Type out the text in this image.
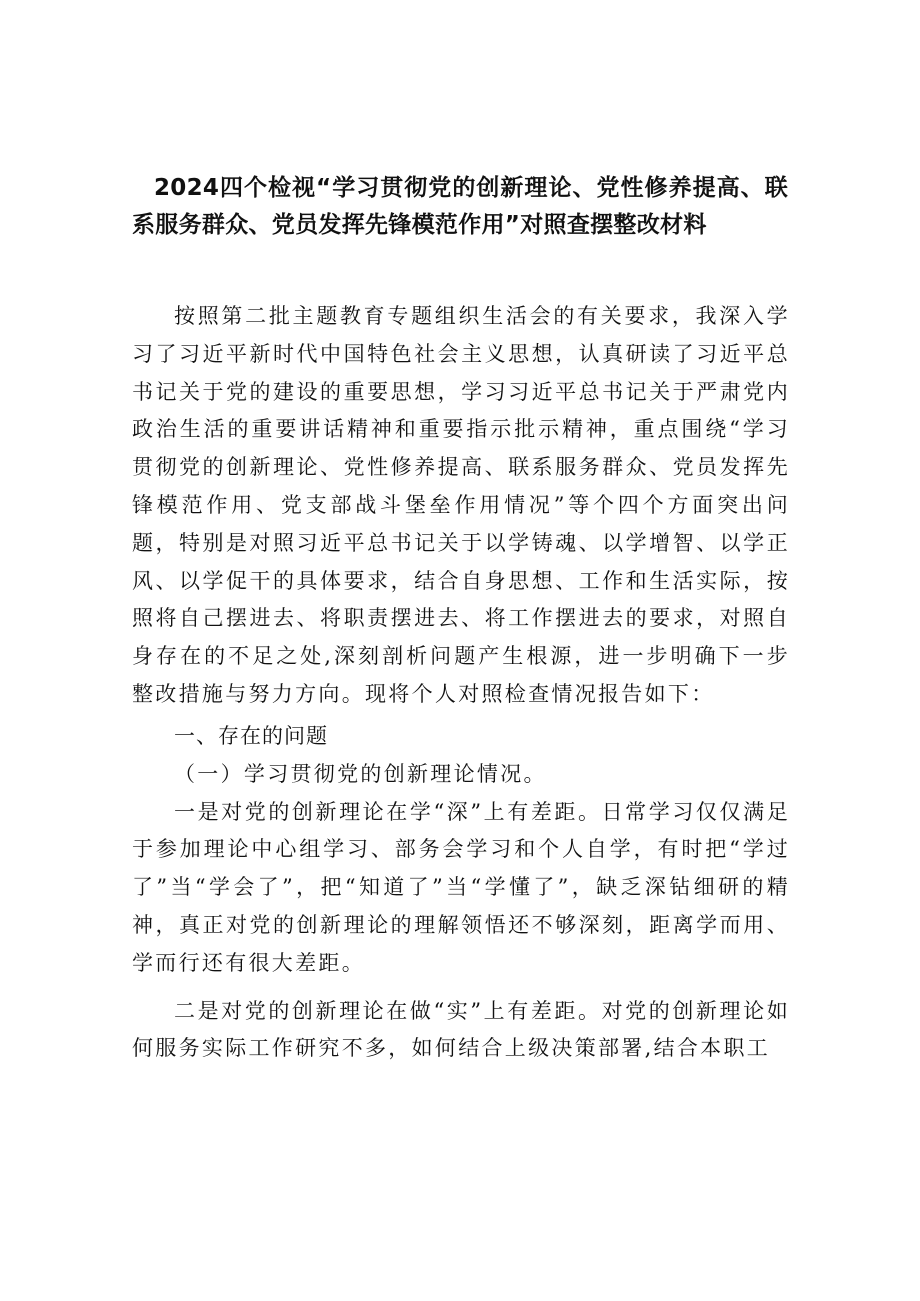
2024四个检视“学习贯彻党的创新理论、党性修养提高、联系服务群众、党员发挥先锋模范作用”对照查摆整改材料

按照第二批主题教育专题组织生活会的有关要求，我深入学习了习近平新时代中国特色社会主义思想，认真研读了习近平总书记关于党的建设的重要思想，学习习近平总书记关于严肃党内政治生活的重要讲话精神和重要指示批示精神，重点围绕“学习贯彻党的创新理论、党性修养提高、联系服务群众、党员发挥先锋模范作用、党支部战斗堡垒作用情况”等个四个方面突出问题，特别是对照习近平总书记关于以学铸魂、以学增智、以学正风、以学促干的具体要求，结合自身思想、工作和生活实际，按照将自己摆进去、将职责摆进去、将工作摆进去的要求，对照自身存在的不足之处,深刻剖析问题产生根源，进一步明确下一步整改措施与努力方向。现将个人对照检查情况报告如下：

一、存在的问题

（一）学习贯彻党的创新理论情况。

一是对党的创新理论在学“深”上有差距。日常学习仅仅满足于参加理论中心组学习、部务会学习和个人自学，有时把“学过了”当“学会了”，把“知道了”当“学懂了”，缺乏深钻细研的精神，真正对党的创新理论的理解领悟还不够深刻，距离学而用、学而行还有很大差距。

二是对党的创新理论在做“实”上有差距。对党的创新理论如何服务实际工作研究不多，如何结合上级决策部署,结合本职工
